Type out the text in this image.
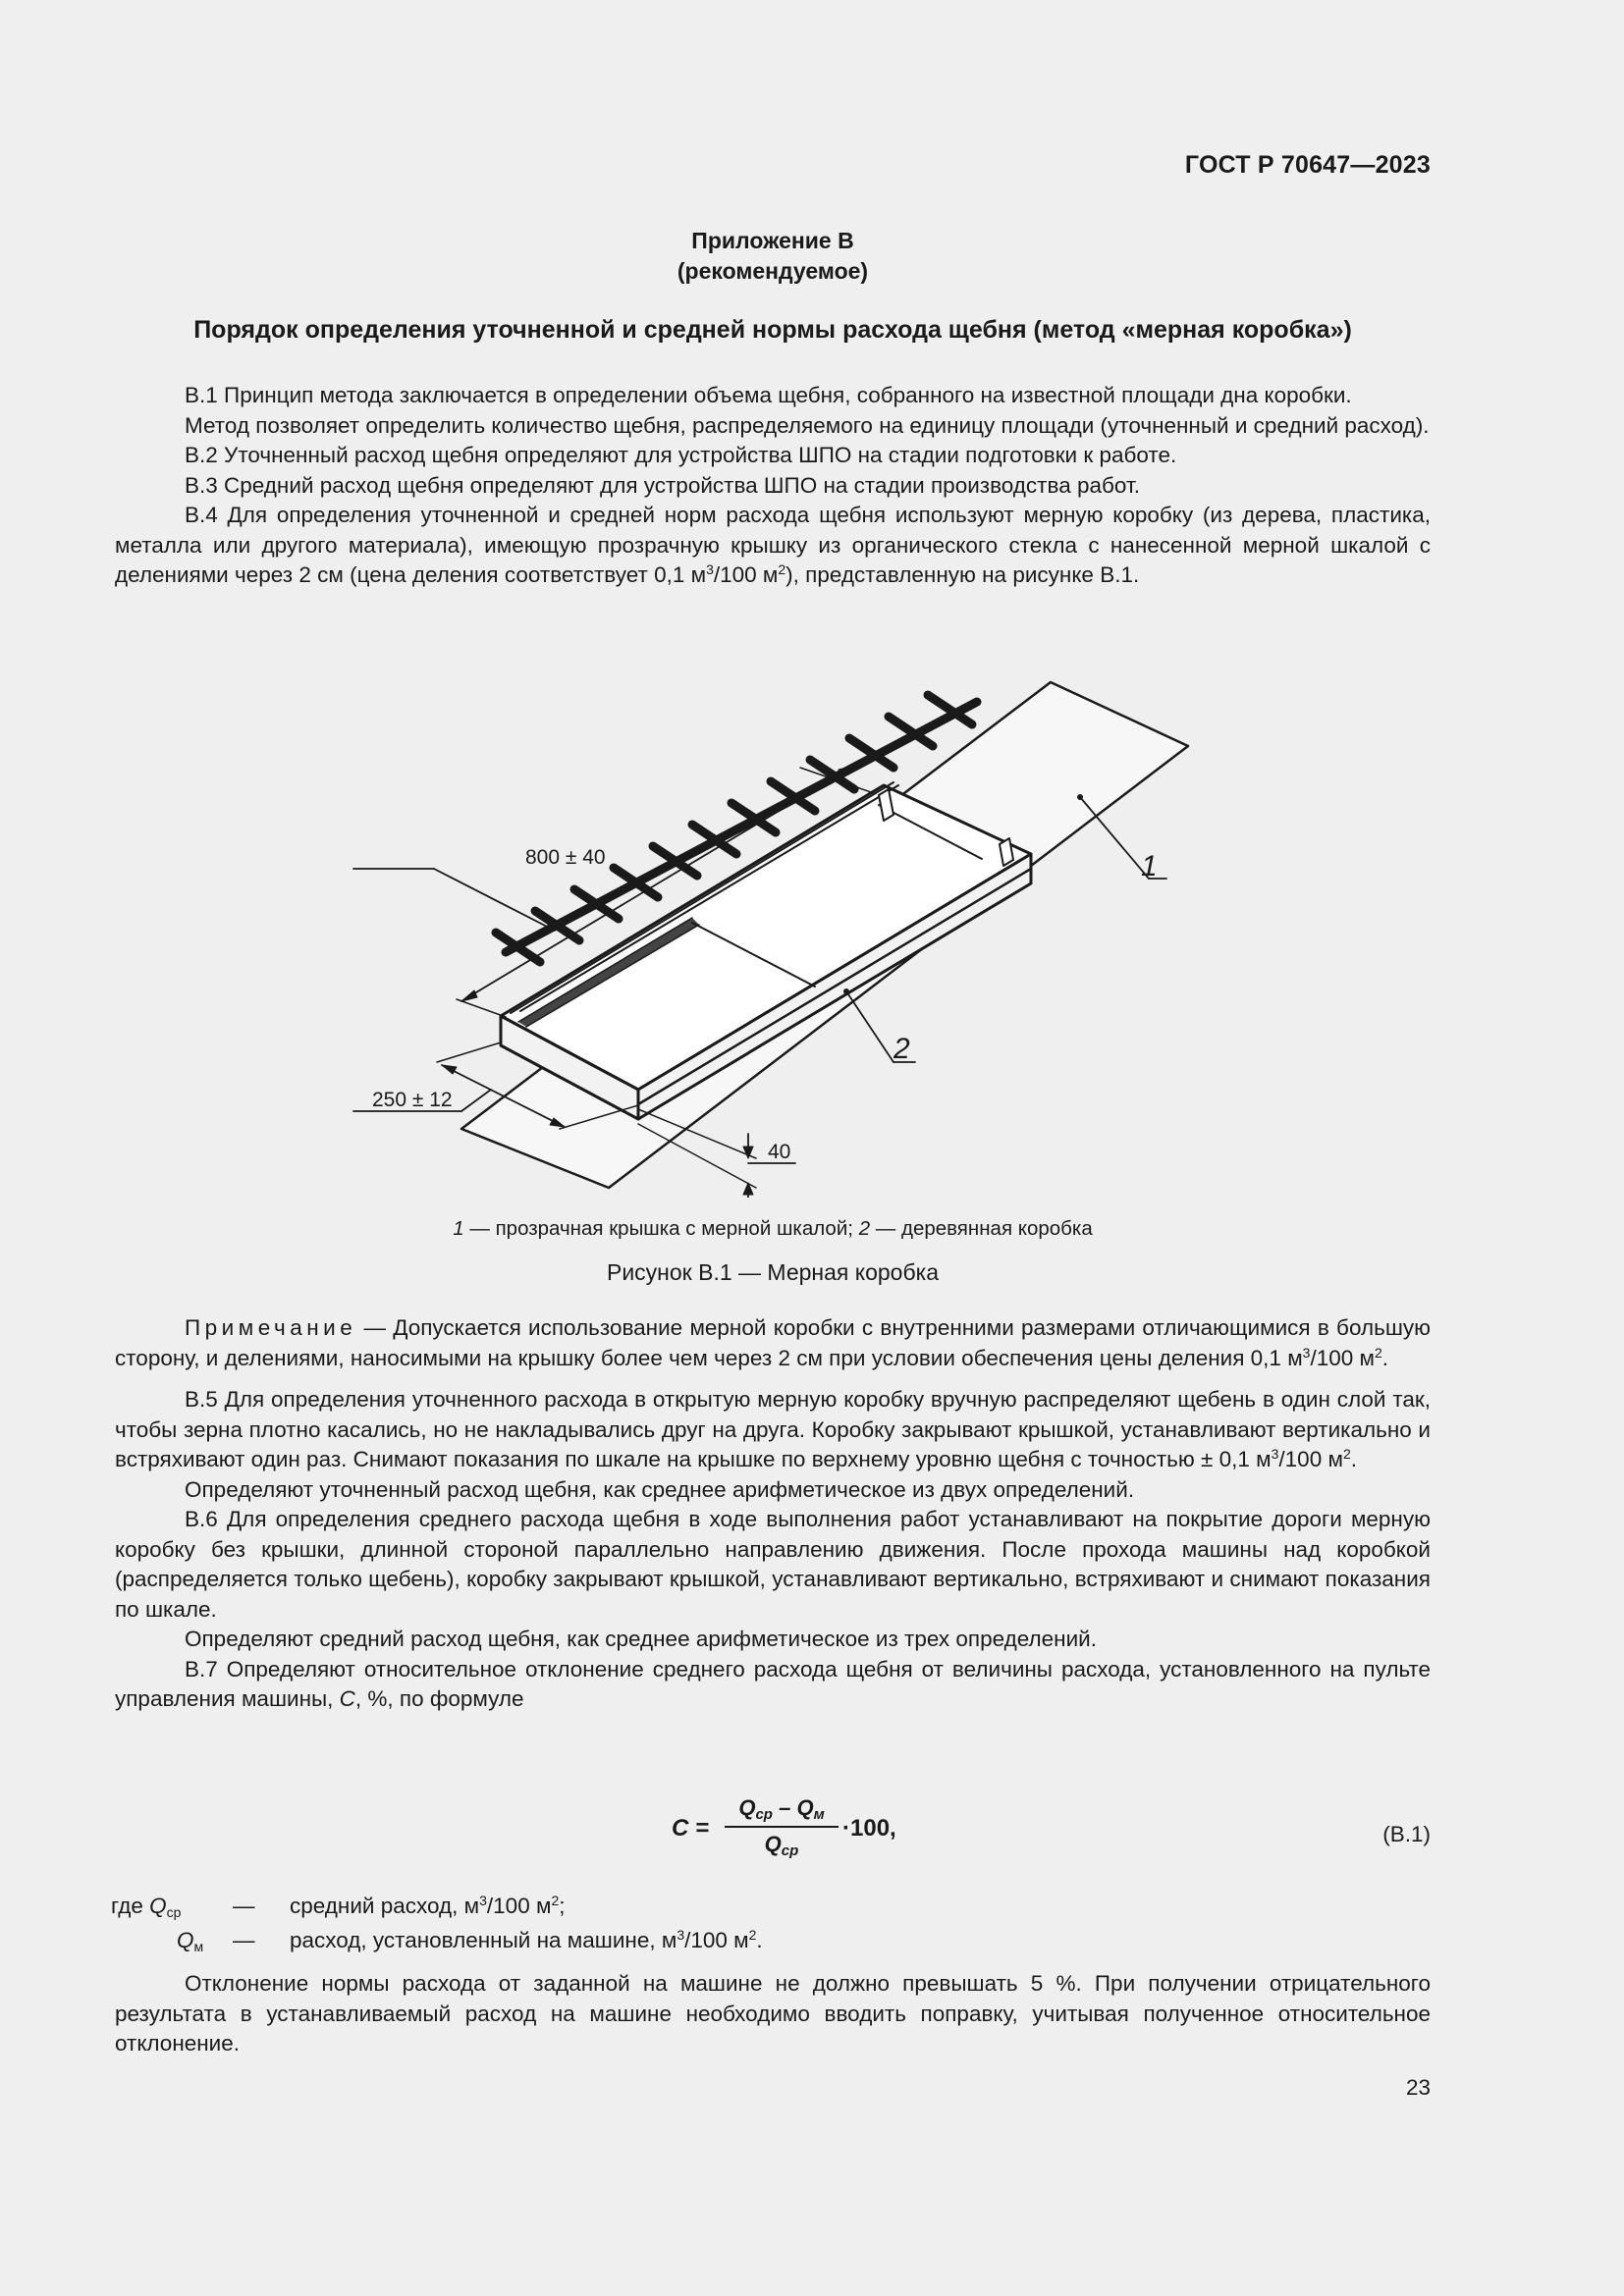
ГОСТ Р 70647—2023
Приложение В
(рекомендуемое)
Порядок определения уточненной и средней нормы расхода щебня (метод «мерная коробка»)

В.1 Принцип метода заключается в определении объема щебня, собранного на известной площади дна коробки.

Метод позволяет определить количество щебня, распределяемого на единицу площади (уточненный и средний расход).

В.2 Уточненный расход щебня определяют для устройства ШПО на стадии подготовки к работе.

В.3 Средний расход щебня определяют для устройства ШПО на стадии производства работ.

В.4 Для определения уточненной и средней норм расхода щебня используют мерную коробку (из дерева, пластика, металла или другого материала), имеющую прозрачную крышку из органического стекла с нанесенной мерной шкалой с делениями через 2 см (цена деления соответствует 0,1 $м^3/100$ $м^2$), представленную на рисунке В.1.

800 ± 40
250 ± 12
40
1
2
1 — прозрачная крышка с мерной шкалой; 2 — деревянная коробка
Рисунок В.1 — Мерная коробка

Примечание — Допускается использование мерной коробки с внутренними размерами отличающимися в большую сторону, и делениями, наносимыми на крышку более чем через 2 см при условии обеспечения цены деления 0,1 $м^3/100$ $м^2$.

В.5 Для определения уточненного расхода в открытую мерную коробку вручную распределяют щебень в один слой так, чтобы зерна плотно касались, но не накладывались друг на друга. Коробку закрывают крышкой, устанавливают вертикально и встряхивают один раз. Снимают показания по шкале на крышке по верхнему уровню щебня с точностью ± 0,1 $м^3/100$ $м^2$.

Определяют уточненный расход щебня, как среднее арифметическое из двух определений.

В.6 Для определения среднего расхода щебня в ходе выполнения работ устанавливают на покрытие дороги мерную коробку без крышки, длинной стороной параллельно направлению движения. После прохода машины над коробкой (распределяется только щебень), коробку закрывают крышкой, устанавливают вертикально, встряхивают и снимают показания по шкале.

Определяют средний расход щебня, как среднее арифметическое из трех определений.

В.7 Определяют относительное отклонение среднего расхода щебня от величины расхода, установленного на пульте управления машины, C, %, по формуле

C =
$Q_{ср} - Q_м$
$Q_{ср}$
·100,	(В.1)
где $Q_{ср}$ — средний расход, $м^3/100$ $м^2$;
$Q_м$ — расход, установленный на машине, $м^3/100$ $м^2$.

Отклонение нормы расхода от заданной на машине не должно превышать 5 %. При получении отрицательного результата в устанавливаемый расход на машине необходимо вводить поправку, учитывая полученное относительное отклонение.

23
